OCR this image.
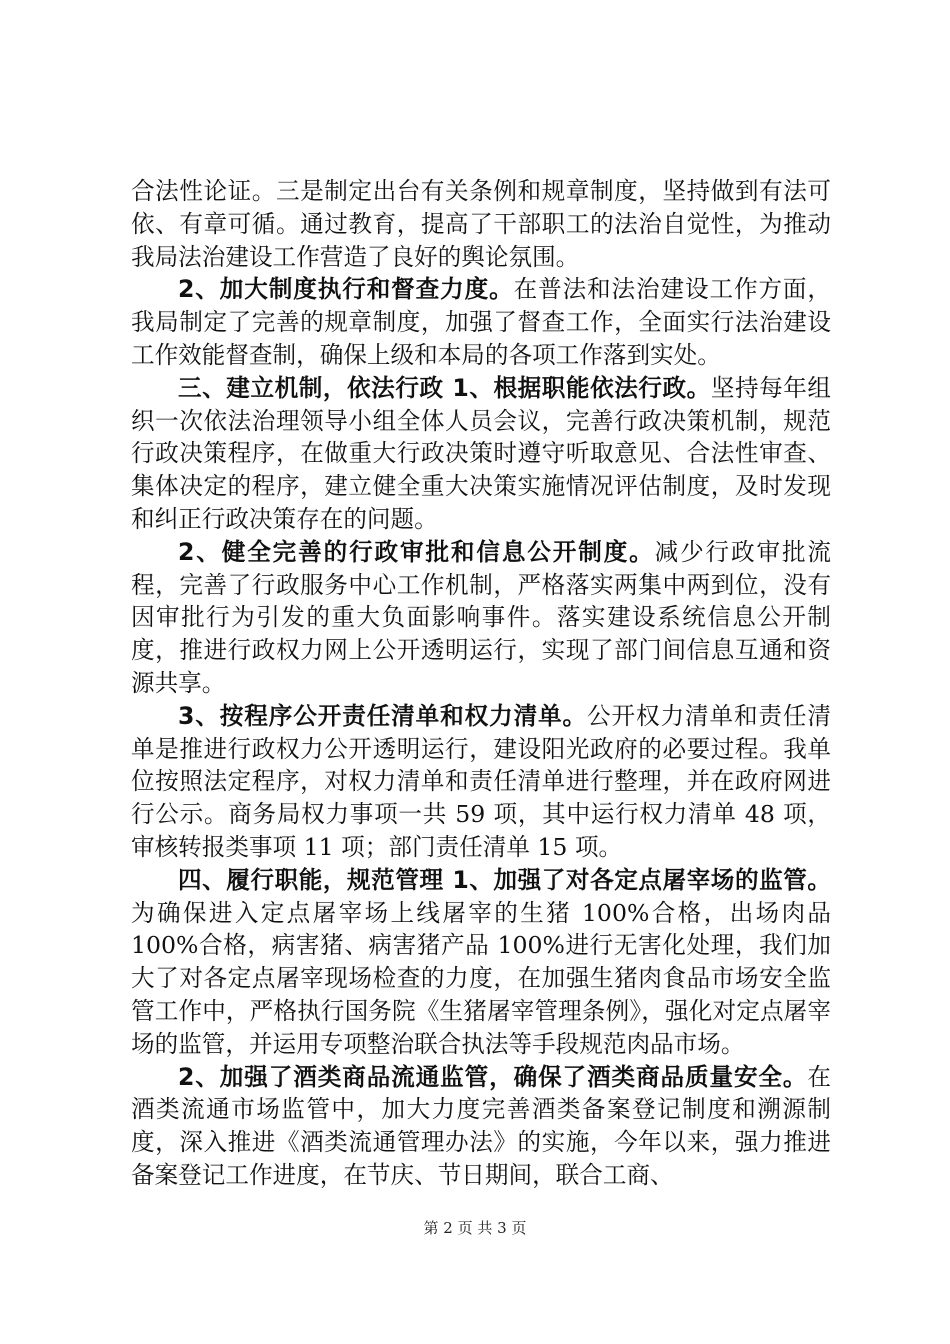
合法性论证。三是制定出台有关条例和规章制度，坚持做到有法可依、有章可循。通过教育，提高了干部职工的法治自觉性，为推动我局法治建设工作营造了良好的舆论氛围。

2、加大制度执行和督查力度。在普法和法治建设工作方面，我局制定了完善的规章制度，加强了督查工作，全面实行法治建设工作效能督查制，确保上级和本局的各项工作落到实处。

三、建立机制，依法行政 1、根据职能依法行政。坚持每年组织一次依法治理领导小组全体人员会议，完善行政决策机制，规范行政决策程序，在做重大行政决策时遵守听取意见、合法性审查、集体决定的程序，建立健全重大决策实施情况评估制度，及时发现和纠正行政决策存在的问题。

2、健全完善的行政审批和信息公开制度。减少行政审批流程，完善了行政服务中心工作机制，严格落实两集中两到位，没有因审批行为引发的重大负面影响事件。落实建设系统信息公开制度，推进行政权力网上公开透明运行，实现了部门间信息互通和资源共享。

3、按程序公开责任清单和权力清单。公开权力清单和责任清单是推进行政权力公开透明运行，建设阳光政府的必要过程。我单位按照法定程序，对权力清单和责任清单进行整理，并在政府网进行公示。商务局权力事项一共 59 项，其中运行权力清单 48 项，审核转报类事项 11 项；部门责任清单 15 项。

四、履行职能，规范管理 1、加强了对各定点屠宰场的监管。为确保进入定点屠宰场上线屠宰的生猪 100%合格，出场肉品 100%合格，病害猪、病害猪产品 100%进行无害化处理，我们加大了对各定点屠宰现场检查的力度，在加强生猪肉食品市场安全监管工作中，严格执行国务院《生猪屠宰管理条例》，强化对定点屠宰场的监管，并运用专项整治联合执法等手段规范肉品市场。

2、加强了酒类商品流通监管，确保了酒类商品质量安全。在酒类流通市场监管中，加大力度完善酒类备案登记制度和溯源制度，深入推进《酒类流通管理办法》的实施，今年以来，强力推进备案登记工作进度，在节庆、节日期间，联合工商、

第 2 页 共 3 页
